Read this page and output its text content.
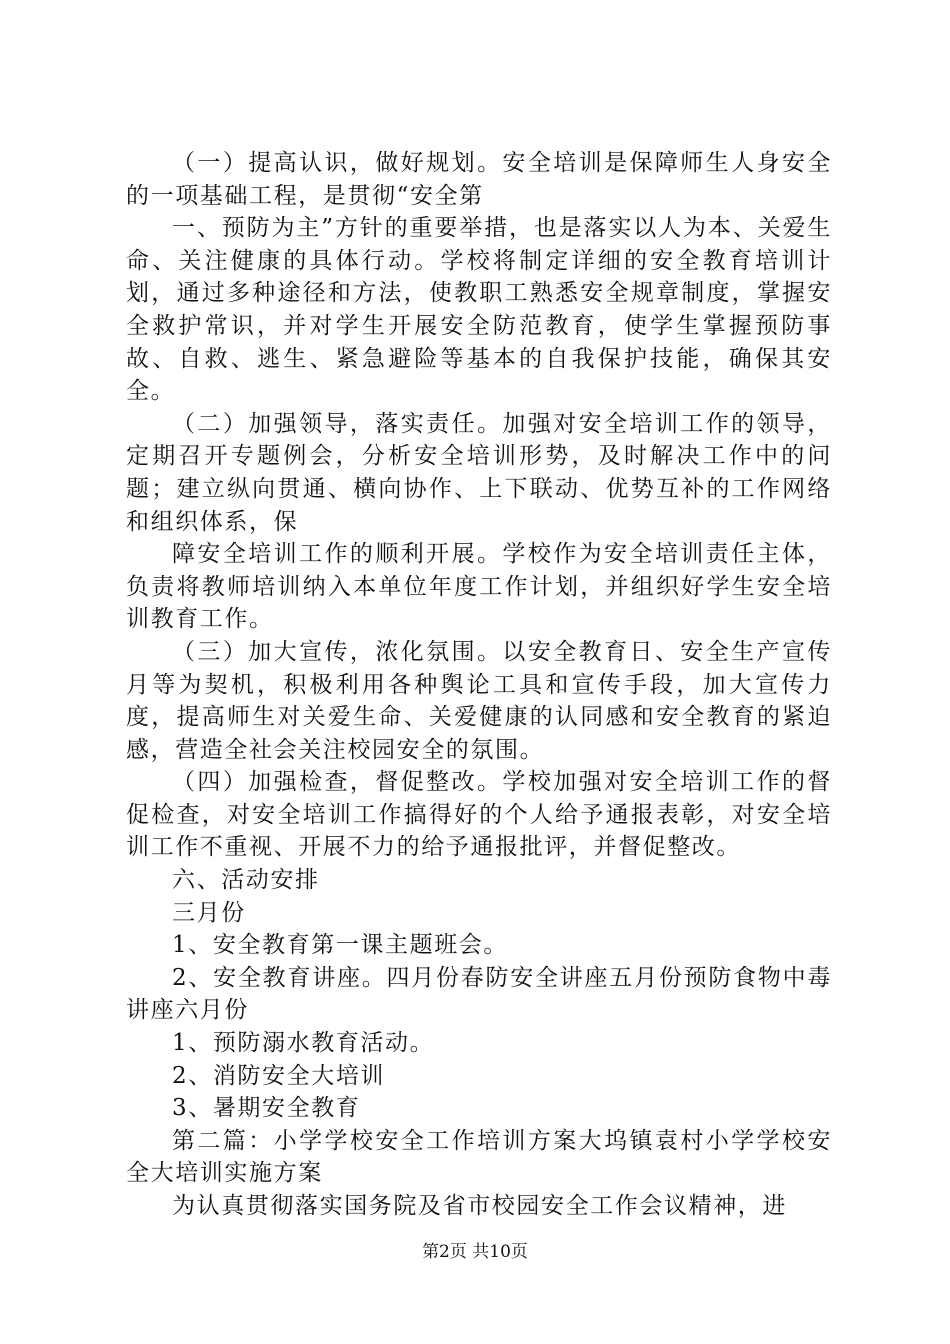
（一）提高认识，做好规划。安全培训是保障师生人身安全的一项基础工程，是贯彻“安全第

一、预防为主”方针的重要举措，也是落实以人为本、关爱生命、关注健康的具体行动。学校将制定详细的安全教育培训计划，通过多种途径和方法，使教职工熟悉安全规章制度，掌握安全救护常识，并对学生开展安全防范教育，使学生掌握预防事故、自救、逃生、紧急避险等基本的自我保护技能，确保其安全。

（二）加强领导，落实责任。加强对安全培训工作的领导，定期召开专题例会，分析安全培训形势，及时解决工作中的问题；建立纵向贯通、横向协作、上下联动、优势互补的工作网络和组织体系，保

障安全培训工作的顺利开展。学校作为安全培训责任主体，负责将教师培训纳入本单位年度工作计划，并组织好学生安全培训教育工作。

（三）加大宣传，浓化氛围。以安全教育日、安全生产宣传月等为契机，积极利用各种舆论工具和宣传手段，加大宣传力度，提高师生对关爱生命、关爱健康的认同感和安全教育的紧迫感，营造全社会关注校园安全的氛围。

（四）加强检查，督促整改。学校加强对安全培训工作的督促检查，对安全培训工作搞得好的个人给予通报表彰，对安全培训工作不重视、开展不力的给予通报批评，并督促整改。

六、活动安排

三月份

1、安全教育第一课主题班会。

2、安全教育讲座。四月份春防安全讲座五月份预防食物中毒讲座六月份

1、预防溺水教育活动。

2、消防安全大培训

3、暑期安全教育

第二篇：小学学校安全工作培训方案大坞镇袁村小学学校安全大培训实施方案

为认真贯彻落实国务院及省市校园安全工作会议精神，进

第2页 共10页
